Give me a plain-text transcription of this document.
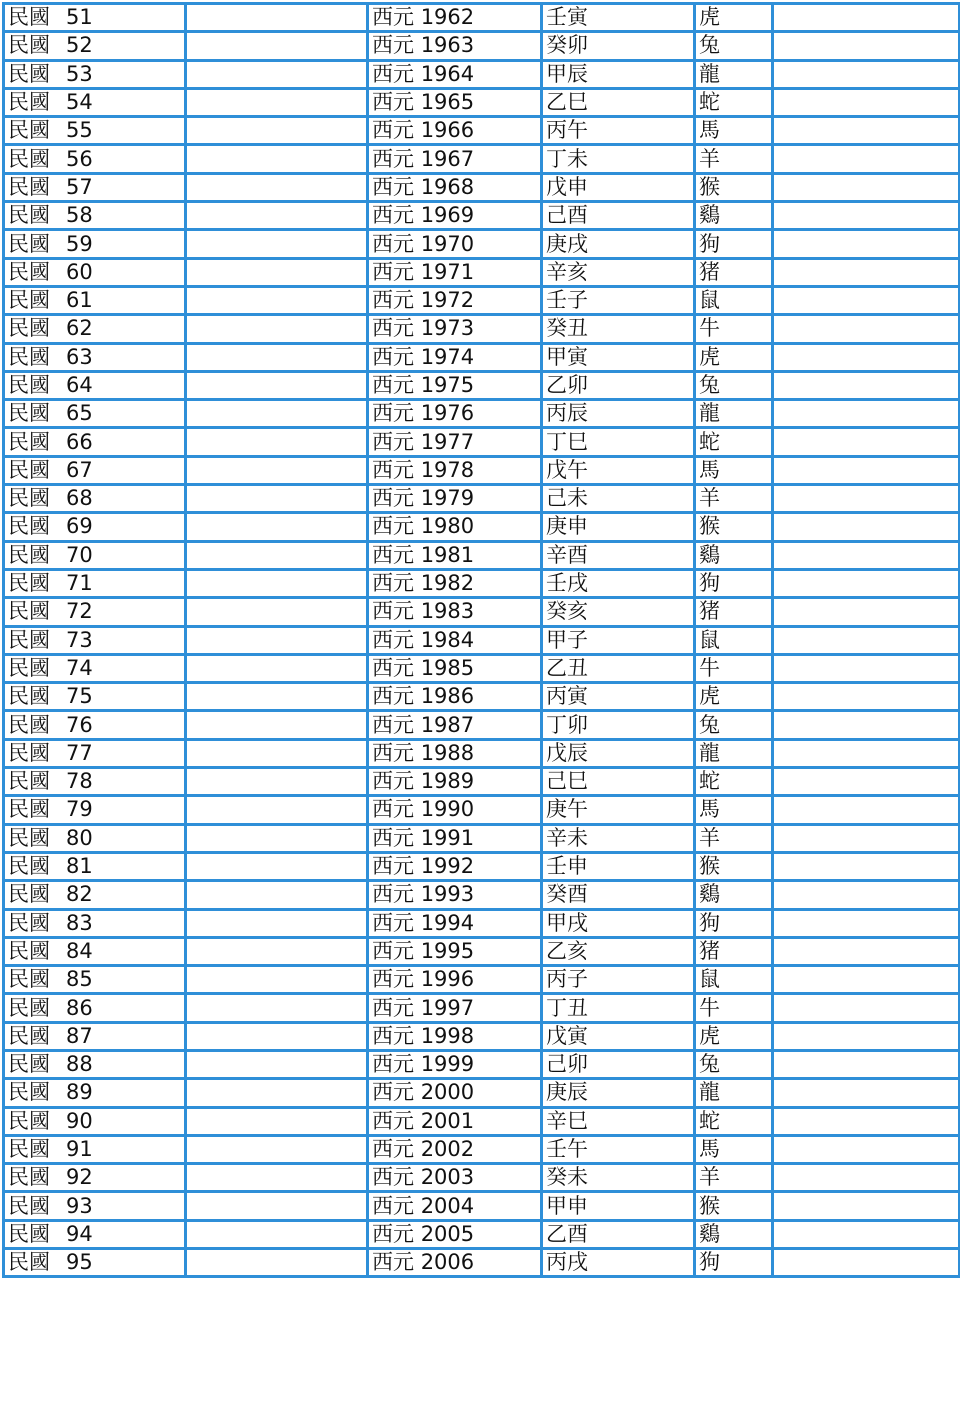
民國 51		西元 1962	壬寅	虎	
民國 52		西元 1963	癸卯	兔	
民國 53		西元 1964	甲辰	龍	
民國 54		西元 1965	乙巳	蛇	
民國 55		西元 1966	丙午	馬	
民國 56		西元 1967	丁未	羊	
民國 57		西元 1968	戊申	猴	
民國 58		西元 1969	己酉	鷄	
民國 59		西元 1970	庚戌	狗	
民國 60		西元 1971	辛亥	猪	
民國 61		西元 1972	壬子	鼠	
民國 62		西元 1973	癸丑	牛	
民國 63		西元 1974	甲寅	虎	
民國 64		西元 1975	乙卯	兔	
民國 65		西元 1976	丙辰	龍	
民國 66		西元 1977	丁巳	蛇	
民國 67		西元 1978	戊午	馬	
民國 68		西元 1979	己未	羊	
民國 69		西元 1980	庚申	猴	
民國 70		西元 1981	辛酉	鷄	
民國 71		西元 1982	壬戌	狗	
民國 72		西元 1983	癸亥	猪	
民國 73		西元 1984	甲子	鼠	
民國 74		西元 1985	乙丑	牛	
民國 75		西元 1986	丙寅	虎	
民國 76		西元 1987	丁卯	兔	
民國 77		西元 1988	戊辰	龍	
民國 78		西元 1989	己巳	蛇	
民國 79		西元 1990	庚午	馬	
民國 80		西元 1991	辛未	羊	
民國 81		西元 1992	壬申	猴	
民國 82		西元 1993	癸酉	鷄	
民國 83		西元 1994	甲戌	狗	
民國 84		西元 1995	乙亥	猪	
民國 85		西元 1996	丙子	鼠	
民國 86		西元 1997	丁丑	牛	
民國 87		西元 1998	戊寅	虎	
民國 88		西元 1999	己卯	兔	
民國 89		西元 2000	庚辰	龍	
民國 90		西元 2001	辛巳	蛇	
民國 91		西元 2002	壬午	馬	
民國 92		西元 2003	癸未	羊	
民國 93		西元 2004	甲申	猴	
民國 94		西元 2005	乙酉	鷄	
民國 95		西元 2006	丙戌	狗	
